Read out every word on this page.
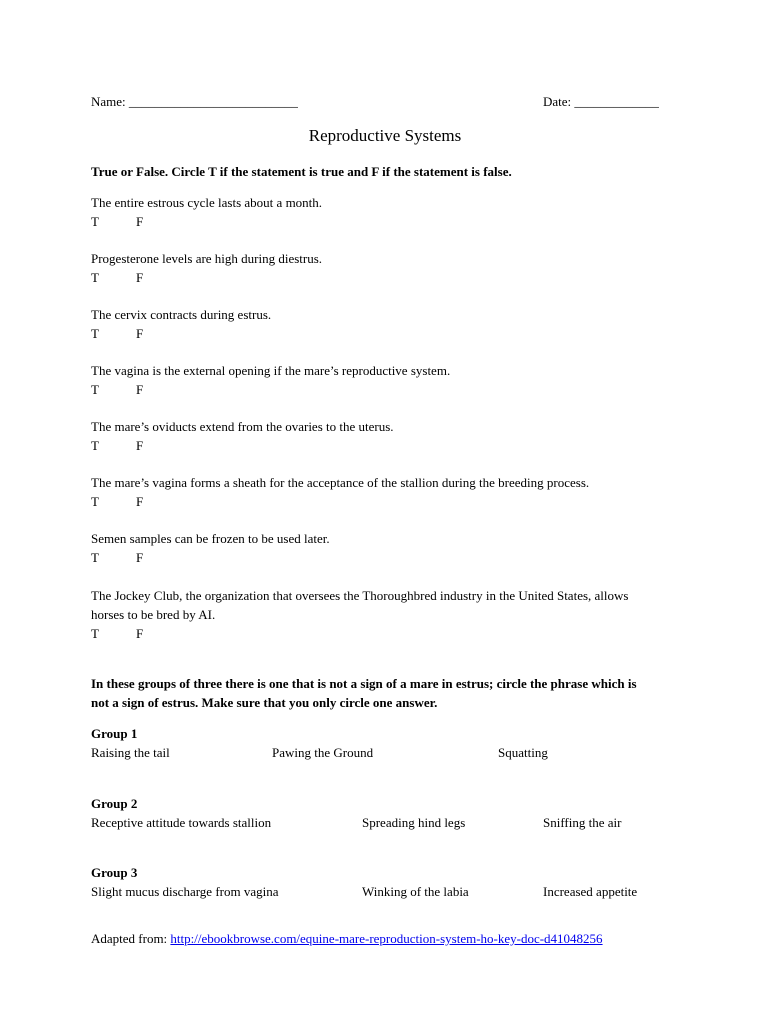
Name: __________________________	Date: _____________
Reproductive Systems
True or False. Circle T if the statement is true and F if the statement is false.
The entire estrous cycle lasts about a month.
T	F
Progesterone levels are high during diestrus.
T	F
The cervix contracts during estrus.
T	F
The vagina is the external opening if the mare’s reproductive system.
T	F
The mare’s oviducts extend from the ovaries to the uterus.
T	F
The mare’s vagina forms a sheath for the acceptance of the stallion during the breeding process.
T	F
Semen samples can be frozen to be used later.
T	F
The Jockey Club, the organization that oversees the Thoroughbred industry in the United States, allows
horses to be bred by AI.
T	F
In these groups of three there is one that is not a sign of a mare in estrus; circle the phrase which is
not a sign of estrus. Make sure that you only circle one answer.
Group 1
Raising the tail	Pawing the Ground	Squatting
Group 2
Receptive attitude towards stallion	Spreading hind legs	Sniffing the air
Group 3
Slight mucus discharge from vagina	Winking of the labia	Increased appetite
Adapted from: http://ebookbrowse.com/equine-mare-reproduction-system-ho-key-doc-d41048256
